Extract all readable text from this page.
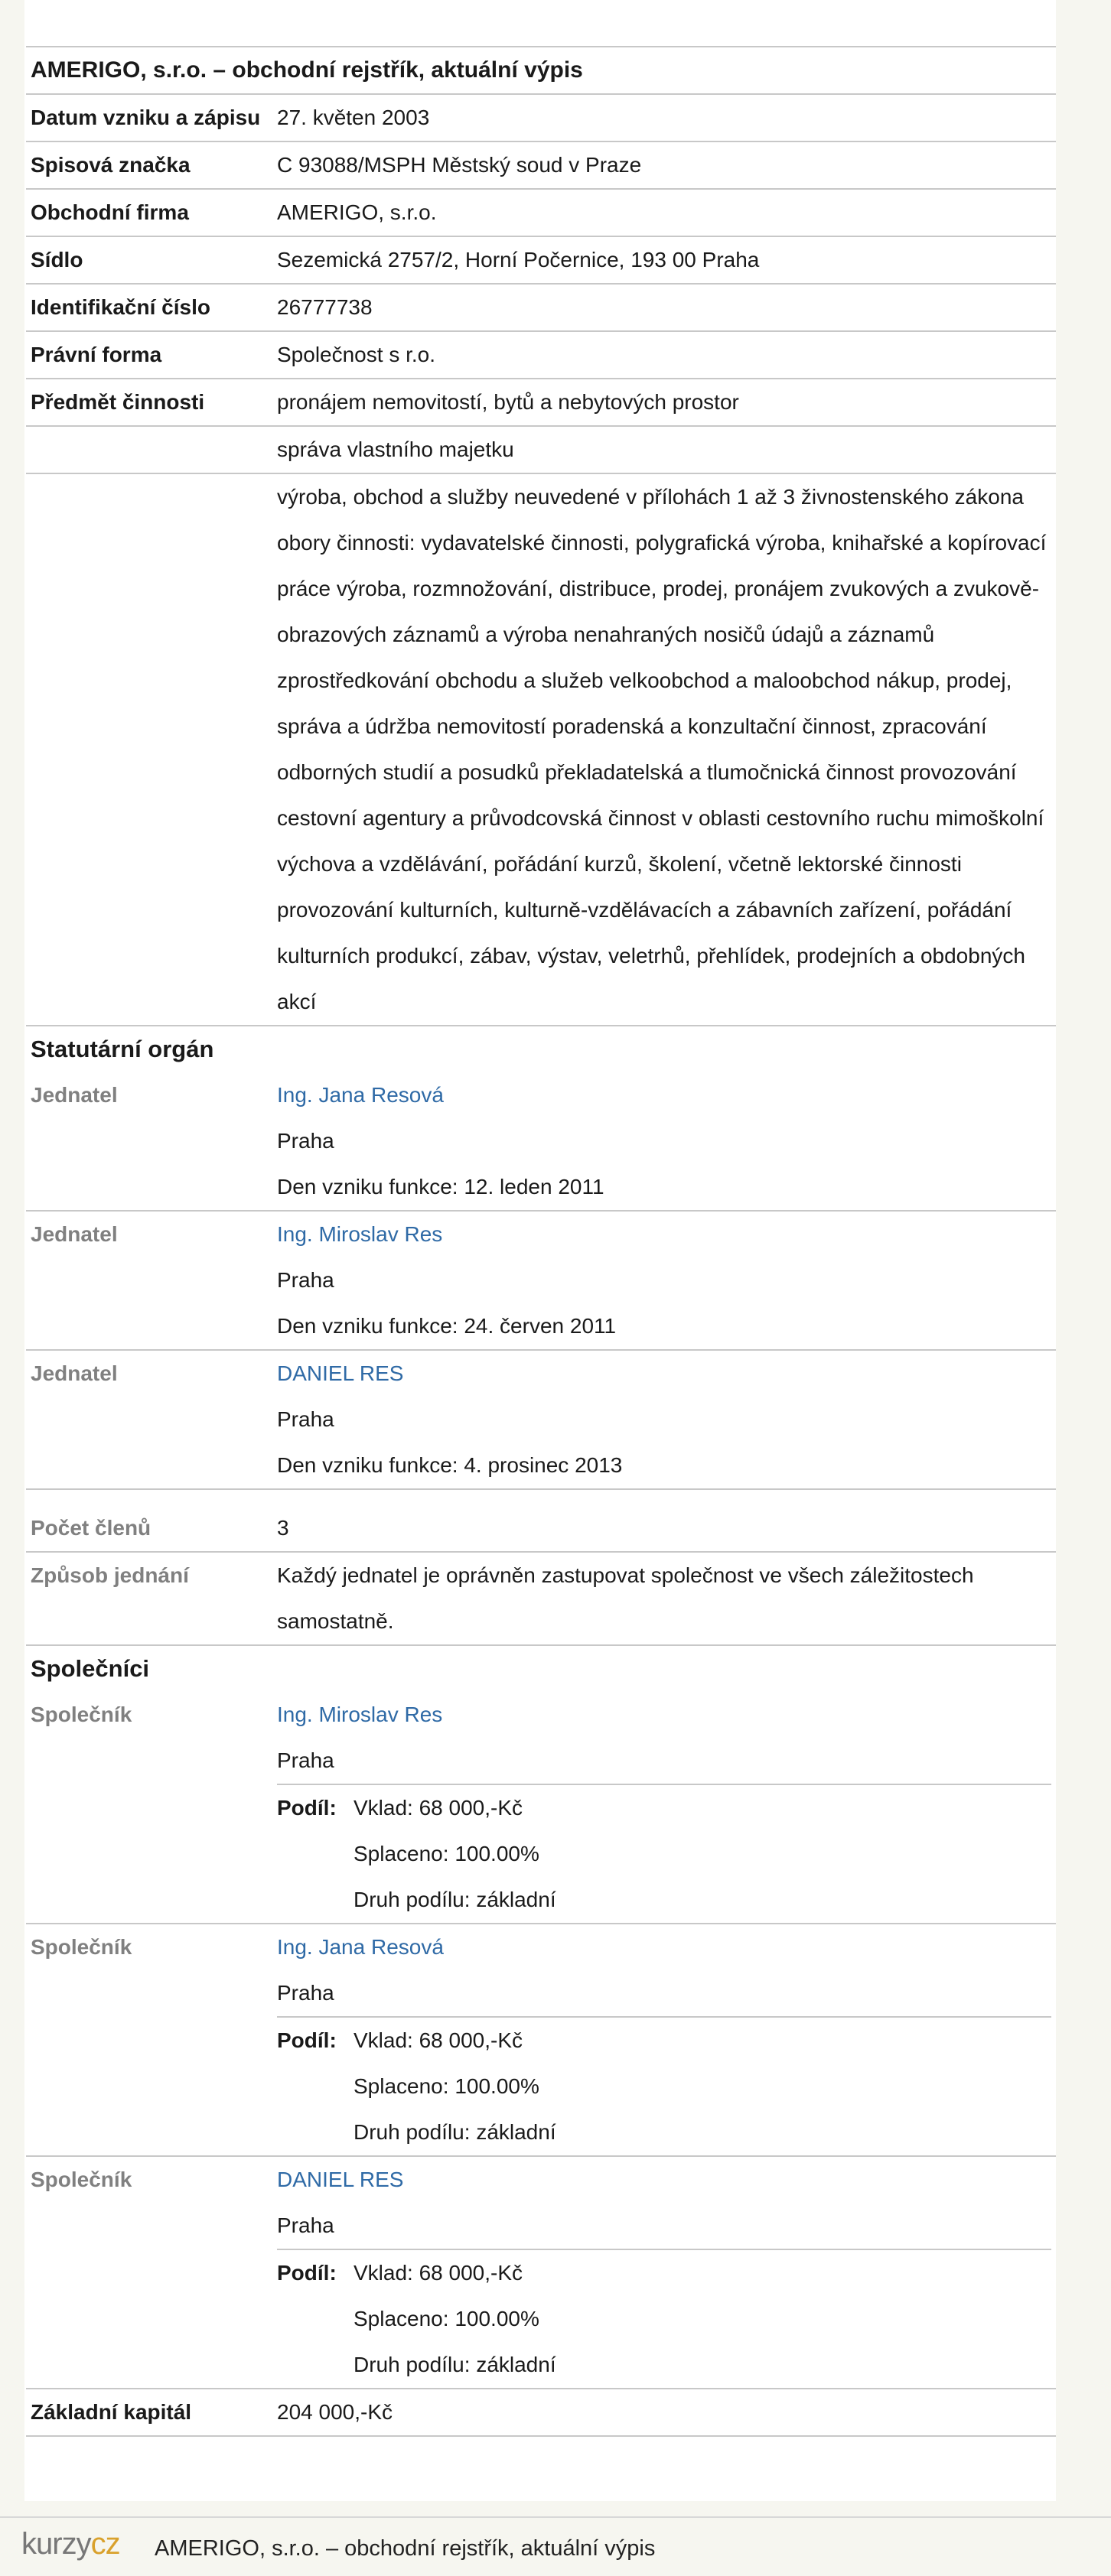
AMERIGO, s.r.o. – obchodní rejstřík, aktuální výpis	
Datum vzniku a zápisu	27. květen 2003
Spisová značka	C 93088/MSPH Městský soud v Praze
Obchodní firma	AMERIGO, s.r.o.
Sídlo	Sezemická 2757/2, Horní Počernice, 193 00 Praha
Identifikační číslo	26777738
Právní forma	Společnost s r.o.
Předmět činnosti	pronájem nemovitostí, bytů a nebytových prostor
	správa vlastního majetku
	výroba, obchod a služby neuvedené v přílohách 1 až 3 živnostenského zákona obory činnosti: vydavatelské činnosti, polygrafická výroba, knihařské a kopírovací práce výroba, rozmnožování, distribuce, prodej, pronájem zvukových a zvukově-obrazových záznamů a výroba nenahraných nosičů údajů a záznamů zprostředkování obchodu a služeb velkoobchod a maloobchod nákup, prodej, správa a údržba nemovitostí poradenská a konzultační činnost, zpracování odborných studií a posudků překladatelská a tlumočnická činnost provozování cestovní agentury a průvodcovská činnost v oblasti cestovního ruchu mimoškolní výchova a vzdělávání, pořádání kurzů, školení, včetně lektorské činnosti provozování kulturních, kulturně-vzdělávacích a zábavních zařízení, pořádání kulturních produkcí, zábav, výstav, veletrhů, přehlídek, prodejních a obdobných akcí
Statutární orgán	
Jednatel	Ing. Jana Resová
	Praha
	Den vzniku funkce: 12. leden 2011
Jednatel	Ing. Miroslav Res
	Praha
	Den vzniku funkce: 24. červen 2011
Jednatel	DANIEL RES
	Praha
	Den vzniku funkce: 4. prosinec 2013

Počet členů	3
Způsob jednání	Každý jednatel je oprávněn zastupovat společnost ve všech záležitostech samostatně.
Společníci	
Společník	Ing. Miroslav Res
	Praha

	Podíl: Vklad: 68 000,-Kč
Splaceno: 100.00%
Druh podílu: základní

Společník	Ing. Jana Resová
	Praha

	Podíl: Vklad: 68 000,-Kč
Splaceno: 100.00%
Druh podílu: základní

Společník	DANIEL RES
	Praha

	Podíl: Vklad: 68 000,-Kč
Splaceno: 100.00%
Druh podílu: základní

Základní kapitál	204 000,-Kč
kurzycz AMERIGO, s.r.o. – obchodní rejstřík, aktuální výpis
